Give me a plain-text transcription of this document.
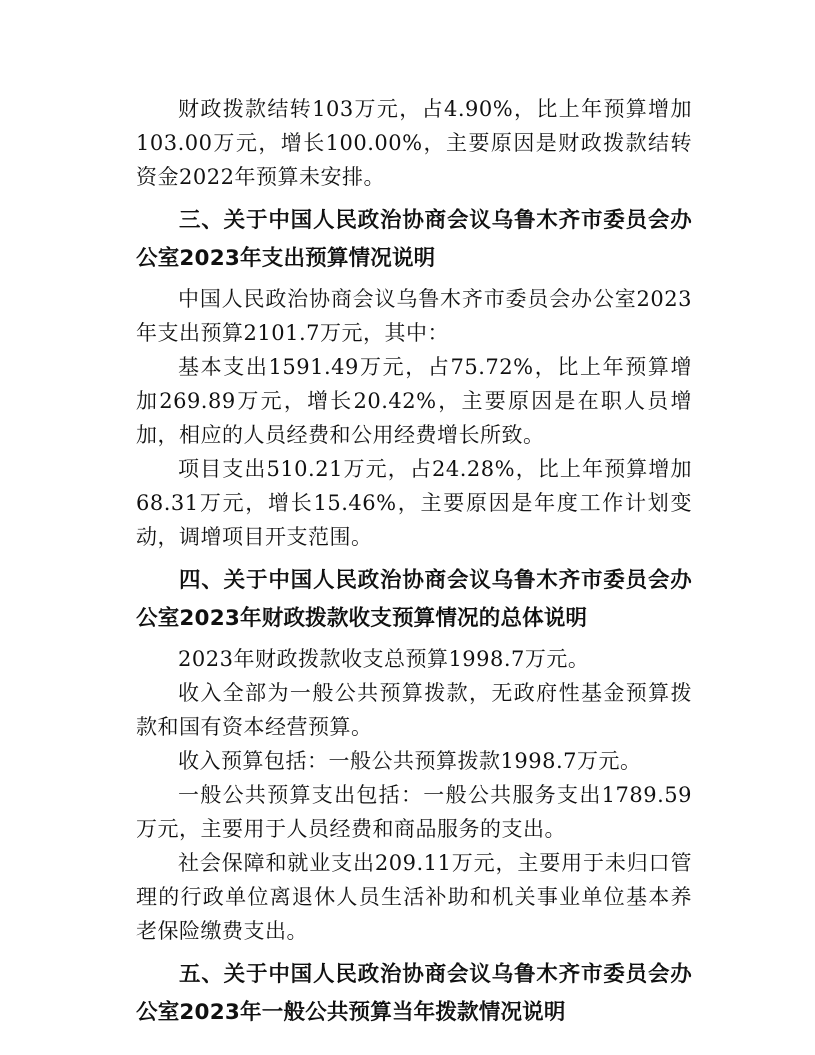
财政拨款结转103万元，占4.90%，比上年预算增加103.00万元，增长100.00%，主要原因是财政拨款结转资金2022年预算未安排。

三、关于中国人民政治协商会议乌鲁木齐市委员会办公室2023年支出预算情况说明

中国人民政治协商会议乌鲁木齐市委员会办公室2023年支出预算2101.7万元，其中：

基本支出1591.49万元，占75.72%，比上年预算增加269.89万元，增长20.42%，主要原因是在职人员增加，相应的人员经费和公用经费增长所致。

项目支出510.21万元，占24.28%，比上年预算增加68.31万元，增长15.46%，主要原因是年度工作计划变动，调增项目开支范围。

四、关于中国人民政治协商会议乌鲁木齐市委员会办公室2023年财政拨款收支预算情况的总体说明

2023年财政拨款收支总预算1998.7万元。

收入全部为一般公共预算拨款，无政府性基金预算拨款和国有资本经营预算。

收入预算包括：一般公共预算拨款1998.7万元。

一般公共预算支出包括：一般公共服务支出1789.59万元，主要用于人员经费和商品服务的支出。

社会保障和就业支出209.11万元，主要用于未归口管理的行政单位离退休人员生活补助和机关事业单位基本养老保险缴费支出。

五、关于中国人民政治协商会议乌鲁木齐市委员会办公室2023年一般公共预算当年拨款情况说明
